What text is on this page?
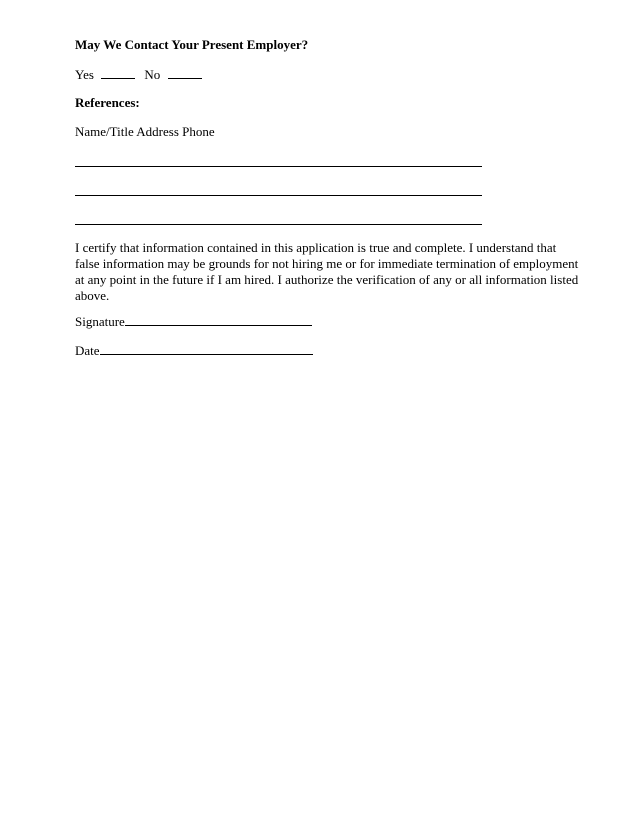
May We Contact Your Present Employer?
Yes	No
References:
Name/Title Address Phone
I certify that information contained in this application is true and complete. I understand that
false information may be grounds for not hiring me or for immediate termination of employment
at any point in the future if I am hired. I authorize the verification of any or all information listed
above.
Signature
Date
